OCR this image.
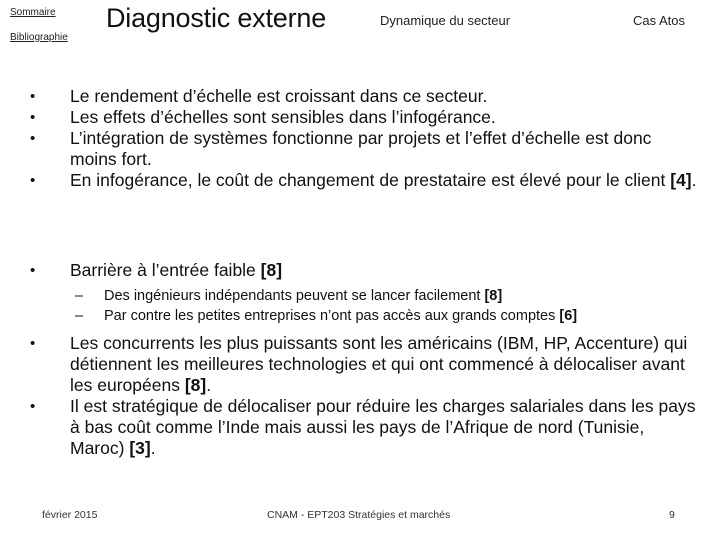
Sommaire
Bibliographie
Diagnostic externe	Dynamique du secteur	Cas Atos
•	Le rendement d’échelle est croissant dans ce secteur.
•	Les effets d’échelles sont sensibles dans l’infogérance.
•	L’intégration de systèmes fonctionne par projets et l’effet d’échelle est donc moins fort.
•	En infogérance, le coût de changement de prestataire est élevé pour le client [4].
•	Barrière à l’entrée faible [8]
–	Des ingénieurs indépendants peuvent se lancer facilement [8]
–	Par contre les petites entreprises n’ont pas accès aux grands comptes [6]
•	Les concurrents les plus puissants sont les américains (IBM, HP, Accenture) qui détiennent les meilleures technologies et qui ont commencé à délocaliser avant les européens [8].
•	Il est stratégique de délocaliser pour réduire les charges salariales dans les pays à bas coût comme l’Inde mais aussi les pays de l’Afrique de nord (Tunisie, Maroc) [3].
février 2015	CNAM - EPT203 Stratégies et marchés	9
